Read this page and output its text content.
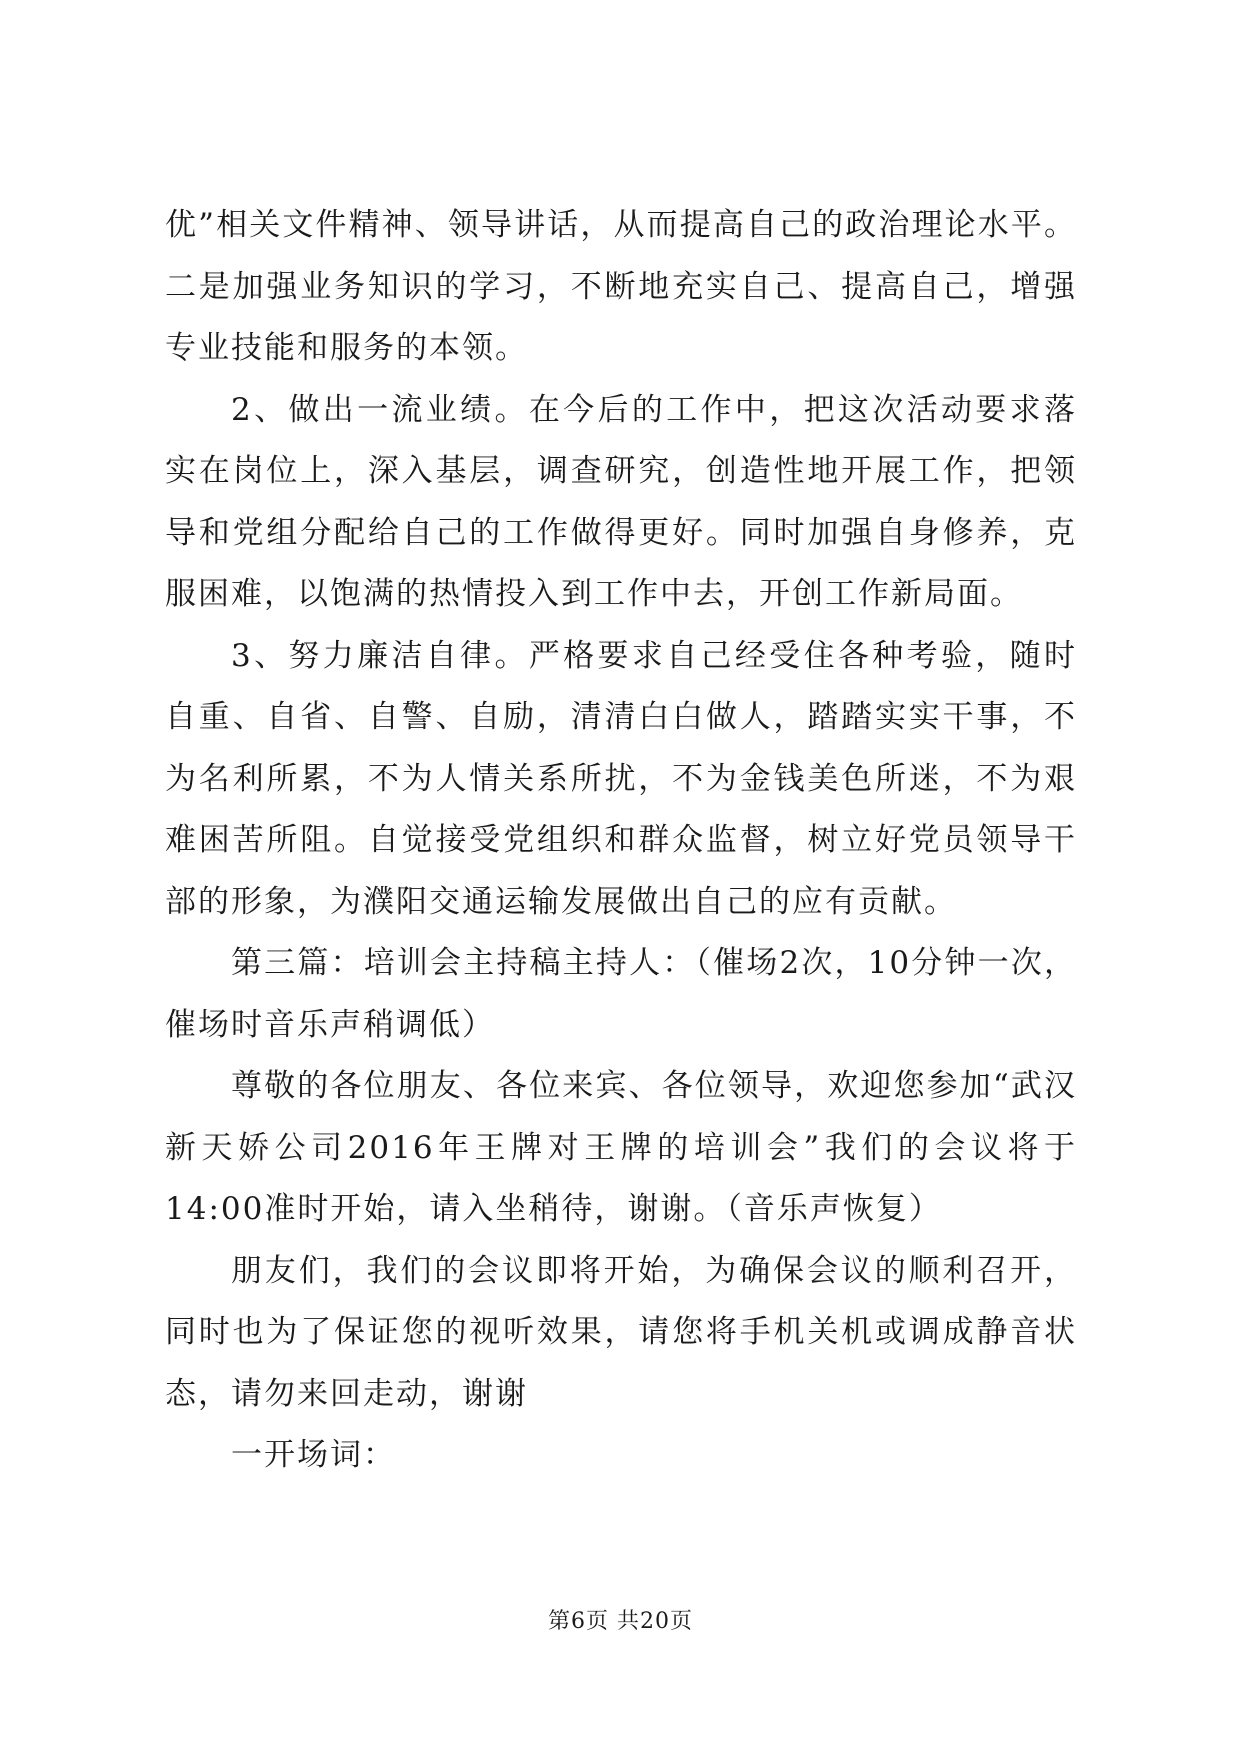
优”相关文件精神、领导讲话，从而提高自己的政治理论水平。二是加强业务知识的学习，不断地充实自己、提高自己，增强专业技能和服务的本领。

2、做出一流业绩。在今后的工作中，把这次活动要求落实在岗位上，深入基层，调查研究，创造性地开展工作，把领导和党组分配给自己的工作做得更好。同时加强自身修养，克服困难，以饱满的热情投入到工作中去，开创工作新局面。

3、努力廉洁自律。严格要求自己经受住各种考验，随时自重、自省、自警、自励，清清白白做人，踏踏实实干事，不为名利所累，不为人情关系所扰，不为金钱美色所迷，不为艰难困苦所阻。自觉接受党组织和群众监督，树立好党员领导干部的形象，为濮阳交通运输发展做出自己的应有贡献。

第三篇：培训会主持稿主持人：（催场2次，10分钟一次，催场时音乐声稍调低）

尊敬的各位朋友、各位来宾、各位领导，欢迎您参加“武汉新天娇公司2016年王牌对王牌的培训会”我们的会议将于14:00准时开始，请入坐稍待，谢谢。（音乐声恢复）

朋友们，我们的会议即将开始，为确保会议的顺利召开，同时也为了保证您的视听效果，请您将手机关机或调成静音状态，请勿来回走动，谢谢

一开场词：

第6页 共20页
